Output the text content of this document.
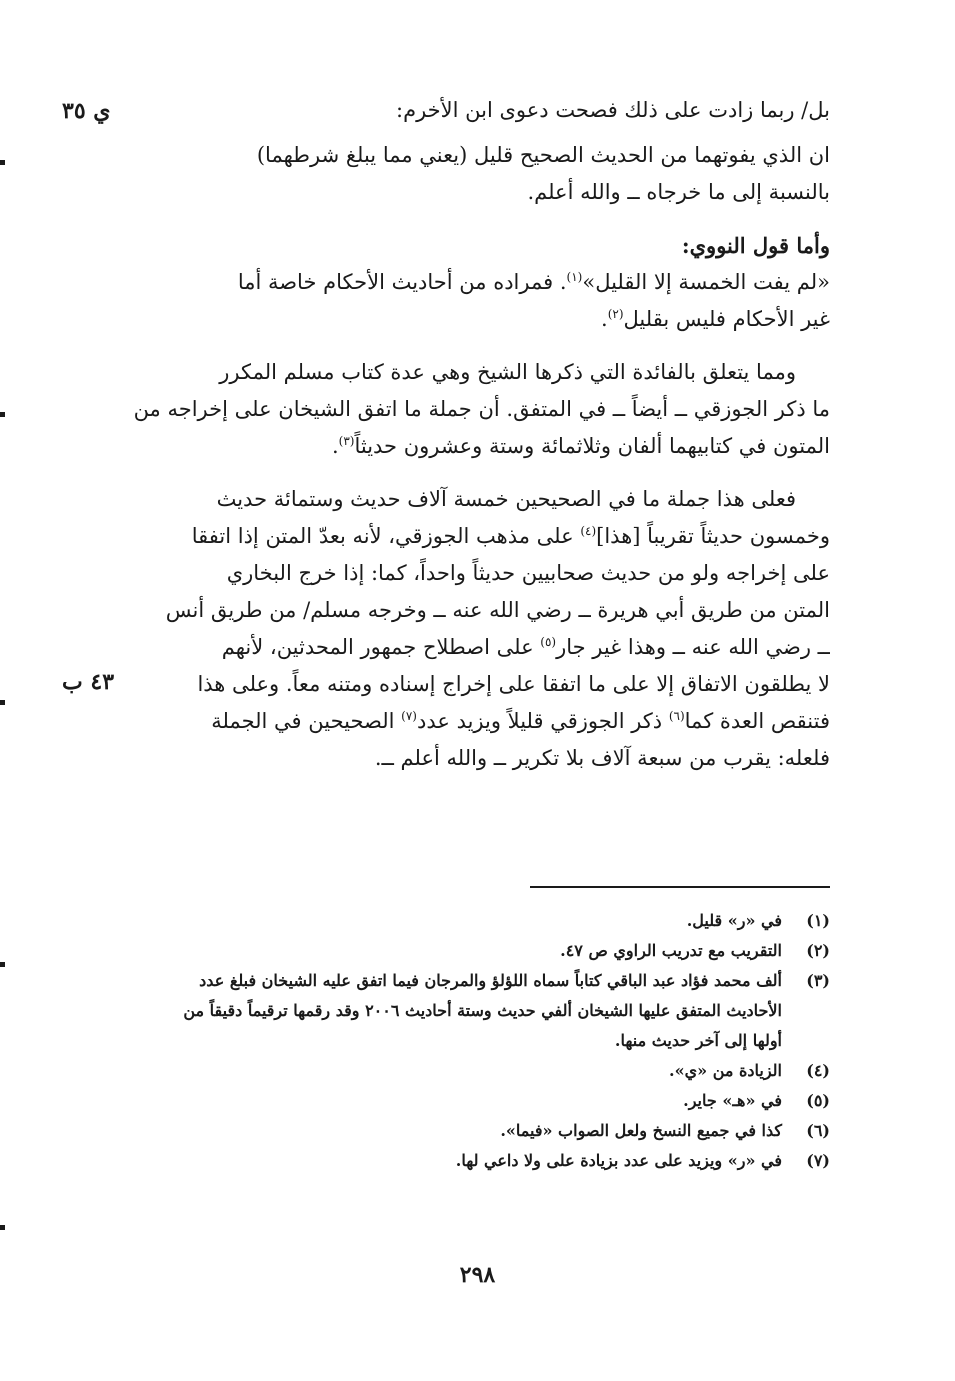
ي ٣٥
٤٣ ب
بل/ ربما زادت على ذلك فصحت دعوى ابن الأخرم:
ان الذي يفوتهما من الحديث الصحيح قليل (يعني مما يبلغ شرطهما)
بالنسبة إلى ما خرجاه ــ والله أعلم.
وأما قول النووي:
«لم يفت الخمسة إلا القليل»$^{(١)}$. فمراده من أحاديث الأحكام خاصة أما
غير الأحكام فليس بقليل$^{(٢)}$.
ومما يتعلق بالفائدة التي ذكرها الشيخ وهي عدة كتاب مسلم المكرر
ما ذكر الجوزقي ــ أيضاً ــ في المتفق. أن جملة ما اتفق الشيخان على إخراجه من
المتون في كتابيهما ألفان وثلاثمائة وستة وعشرون حديثاً$^{(٣)}$.
فعلى هذا جملة ما في الصحيحين خمسة آلاف حديث وستمائة حديث
وخمسون حديثاً تقريباً [هذا]$^{(٤)}$ على مذهب الجوزقي، لأنه بعدّ المتن إذا اتفقا
على إخراجه ولو من حديث صحابيين حديثاً واحداً، كما: إذا خرج البخاري
المتن من طريق أبي هريرة ــ رضي الله عنه ــ وخرجه مسلم/ من طريق أنس
ــ رضي الله عنه ــ وهذا غير جار$^{(٥)}$ على اصطلاح جمهور المحدثين، لأنهم
لا يطلقون الاتفاق إلا على ما اتفقا على إخراج إسناده ومتنه معاً. وعلى هذا
فتنقص العدة كما$^{(٦)}$ ذكر الجوزقي قليلاً ويزيد عدد$^{(٧)}$ الصحيحين في الجملة
فلعله: يقرب من سبعة آلاف بلا تكرير ــ والله أعلم ــ.
(١)
في «ر» قليل.
(٢)
التقريب مع تدريب الراوي ص ٤٧.
(٣)
ألف محمد فؤاد عبد الباقي كتاباً سماه اللؤلؤ والمرجان فيما اتفق عليه الشيخان فبلغ عدد
الأحاديث المتفق عليها الشيخان ألفي حديث وستة أحاديث ٢٠٠٦ وقد رقمها ترقيماً دقيقاً من
أولها إلى آخر حديث منها.
(٤)
الزيادة من «ي».
(٥)
في «هـ» جاير.
(٦)
كذا في جميع النسخ ولعل الصواب «فيما».
(٧)
في «ر» ويزيد على عدد بزيادة على ولا داعي لها.
٢٩٨
